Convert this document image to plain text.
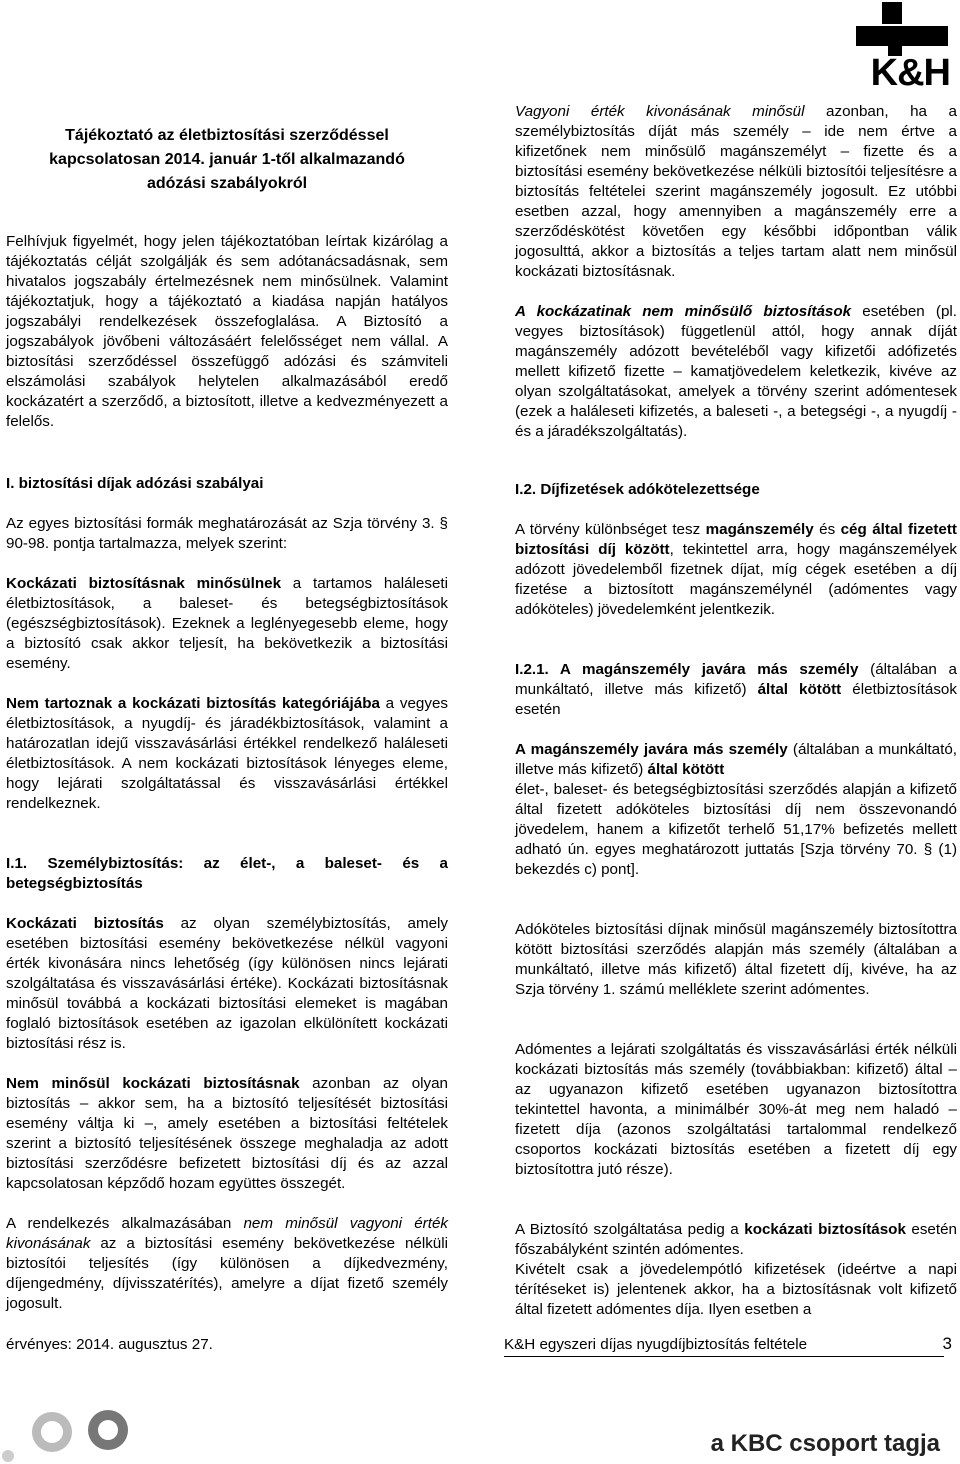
K&H
Tájékoztató az életbiztosítási szerződéssel
kapcsolatosan 2014. január 1-től alkalmazandó
adózási szabályokról

Felhívjuk figyelmét, hogy jelen tájékoztatóban leírtak kizárólag a tájékoztatás célját szolgálják és sem adótanácsadásnak, sem hivatalos jogszabály értelmezésnek nem minősülnek. Valamint tájékoztatjuk, hogy a tájékoztató a kiadása napján hatályos jogszabályi rendelkezések összefoglalása. A Biztosító a jogszabályok jövőbeni változásáért felelősséget nem vállal. A biztosítási szerződéssel összefüggő adózási és számviteli elszámolási szabályok helytelen alkalmazásából eredő kockázatért a szerződő, a biztosított, illetve a kedvezményezett a felelős.

I. biztosítási díjak adózási szabályai

Az egyes biztosítási formák meghatározását az Szja törvény 3. § 90-98. pontja tartalmazza, melyek szerint:

Kockázati biztosításnak minősülnek a tartamos haláleseti életbiztosítások, a baleset- és betegségbiztosítások (egészségbiztosítások). Ezeknek a leglényegesebb eleme, hogy a biztosító csak akkor teljesít, ha bekövetkezik a biztosítási esemény.

Nem tartoznak a kockázati biztosítás kategóriájába a vegyes életbiztosítások, a nyugdíj- és járadékbiztosítások, valamint a határozatlan idejű visszavásárlási értékkel rendelkező haláleseti életbiztosítások. A nem kockázati biztosítások lényeges eleme, hogy lejárati szolgáltatással és visszavásárlási értékkel rendelkeznek.

I.1. Személybiztosítás: az élet-, a baleset- és a betegségbiztosítás

Kockázati biztosítás az olyan személybiztosítás, amely esetében biztosítási esemény bekövetkezése nélkül vagyoni érték kivonására nincs lehetőség (így különösen nincs lejárati szolgáltatása és visszavásárlási értéke). Kockázati biztosításnak minősül továbbá a kockázati biztosítási elemeket is magában foglaló biztosítások esetében az igazolan elkülönített kockázati biztosítási rész is.

Nem minősül kockázati biztosításnak azonban az olyan biztosítás – akkor sem, ha a biztosító teljesítését biztosítási esemény váltja ki –, amely esetében a biztosítási feltételek szerint a biztosító teljesítésének összege meghaladja az adott biztosítási szerződésre befizetett biztosítási díj és az azzal kapcsolatosan képződő hozam együttes összegét.

A rendelkezés alkalmazásában nem minősül vagyoni érték kivonásának az a biztosítási esemény bekövetkezése nélküli biztosítói teljesítés (így különösen a díjkedvezmény, díjengedmény, díjvisszatérítés), amelyre a díjat fizető személy jogosult.

Vagyoni érték kivonásának minősül azonban, ha a személybiztosítás díját más személy – ide nem értve a kifizetőnek nem minősülő magánszemélyt – fizette és a biztosítási esemény bekövetkezése nélküli biztosítói teljesítésre a biztosítás feltételei szerint magánszemély jogosult. Ez utóbbi esetben azzal, hogy amennyiben a magánszemély erre a szerződéskötést követően egy későbbi időpontban válik jogosulttá, akkor a biztosítás a teljes tartam alatt nem minősül kockázati biztosításnak.

A kockázatinak nem minősülő biztosítások esetében (pl. vegyes biztosítások) függetlenül attól, hogy annak díját magánszemély adózott bevételéből vagy kifizetői adófizetés mellett kifizető fizette – kamatjövedelem keletkezik, kivéve az olyan szolgáltatásokat, amelyek a törvény szerint adómentesek (ezek a haláleseti kifizetés, a baleseti -, a betegségi -, a nyugdíj - és a járadékszolgáltatás).

I.2. Díjfizetések adókötelezettsége

A törvény különbséget tesz magánszemély és cég által fizetett biztosítási díj között, tekintettel arra, hogy magánszemélyek adózott jövedelemből fizetnek díjat, míg cégek esetében a díj fizetése a biztosított magánszemélynél (adómentes vagy adóköteles) jövedelemként jelentkezik.

I.2.1. A magánszemély javára más személy (általában a munkáltató, illetve más kifizető) által kötött életbiztosítások esetén

A magánszemély javára más személy (általában a munkáltató, illetve más kifizető) által kötött
élet-, baleset- és betegségbiztosítási szerződés alapján a kifizető által fizetett adóköteles biztosítási díj nem összevonandó jövedelem, hanem a kifizetőt terhelő 51,17% befizetés mellett adható ún. egyes meghatározott juttatás [Szja törvény 70. § (1) bekezdés c) pont].

Adóköteles biztosítási díjnak minősül magánszemély biztosítottra kötött biztosítási szerződés alapján más személy (általában a munkáltató, illetve más kifizető) által fizetett díj, kivéve, ha az Szja törvény 1. számú melléklete szerint adómentes.

Adómentes a lejárati szolgáltatás és visszavásárlási érték nélküli kockázati biztosítás más személy (továbbiakban: kifizető) által – az ugyanazon kifizető esetében ugyanazon biztosítottra tekintettel havonta, a minimálbér 30%-át meg nem haladó – fizetett díja (azonos szolgáltatási tartalommal rendelkező csoportos kockázati biztosítás esetében a fizetett díj egy biztosítottra jutó része).

A Biztosító szolgáltatása pedig a kockázati biztosítások esetén főszabályként szintén adómentes.

Kivételt csak a jövedelempótló kifizetések (ideértve a napi térítéseket is) jelentenek akkor, ha a biztosításnak volt kifizető által fizetett adómentes díja. Ilyen esetben a

érvényes: 2014. augusztus 27.	K&H egyszeri díjas nyugdíjbiztosítás feltétele	3
a KBC csoport tagja
